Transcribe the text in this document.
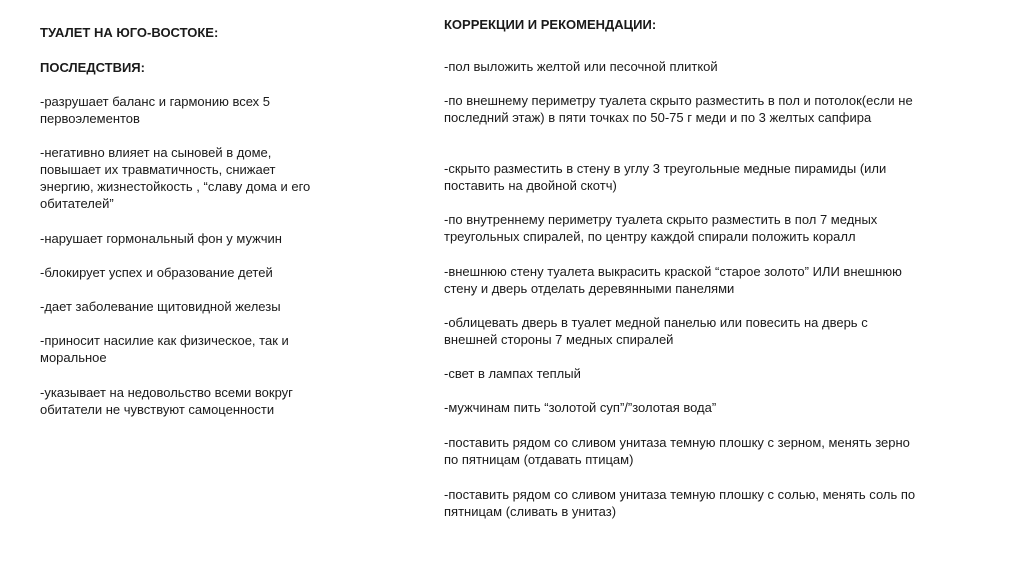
ТУАЛЕТ НА ЮГО-ВОСТОКЕ:

ПОСЛЕДСТВИЯ:

-разрушает баланс и гармонию всех 5 первоэлементов

-негативно влияет на сыновей в доме, повышает их травматичность, снижает энергию, жизнестойкость , “славу дома и его обитателей”

-нарушает гормональный фон у мужчин

-блокирует успех и образование детей

-дает заболевание щитовидной железы

-приносит насилие как физическое, так и моральное

-указывает на недовольство всеми вокруг обитатели не чувствуют самоценности

КОРРЕКЦИИ И РЕКОМЕНДАЦИИ:

-пол выложить желтой или песочной плиткой

-по внешнему периметру туалета скрыто разместить в пол и потолок(если не последний этаж) в пяти точках по 50-75 г меди и по 3 желтых сапфира

-скрыто разместить в стену в углу 3 треугольные медные пирамиды (или поставить на двойной скотч)

-по внутреннему периметру туалета скрыто разместить в пол 7 медных треугольных спиралей, по центру каждой спирали положить коралл

-внешнюю стену туалета выкрасить краской “старое золото” ИЛИ внешнюю стену и дверь отделать деревянными панелями

-облицевать дверь в туалет медной панелью или повесить на дверь с внешней стороны 7 медных спиралей

-свет в лампах теплый

-мужчинам пить “золотой суп”/”золотая вода”

-поставить рядом со сливом унитаза темную плошку с зерном, менять зерно по пятницам (отдавать птицам)

-поставить рядом со сливом унитаза темную плошку с солью, менять соль по пятницам (сливать в унитаз)
